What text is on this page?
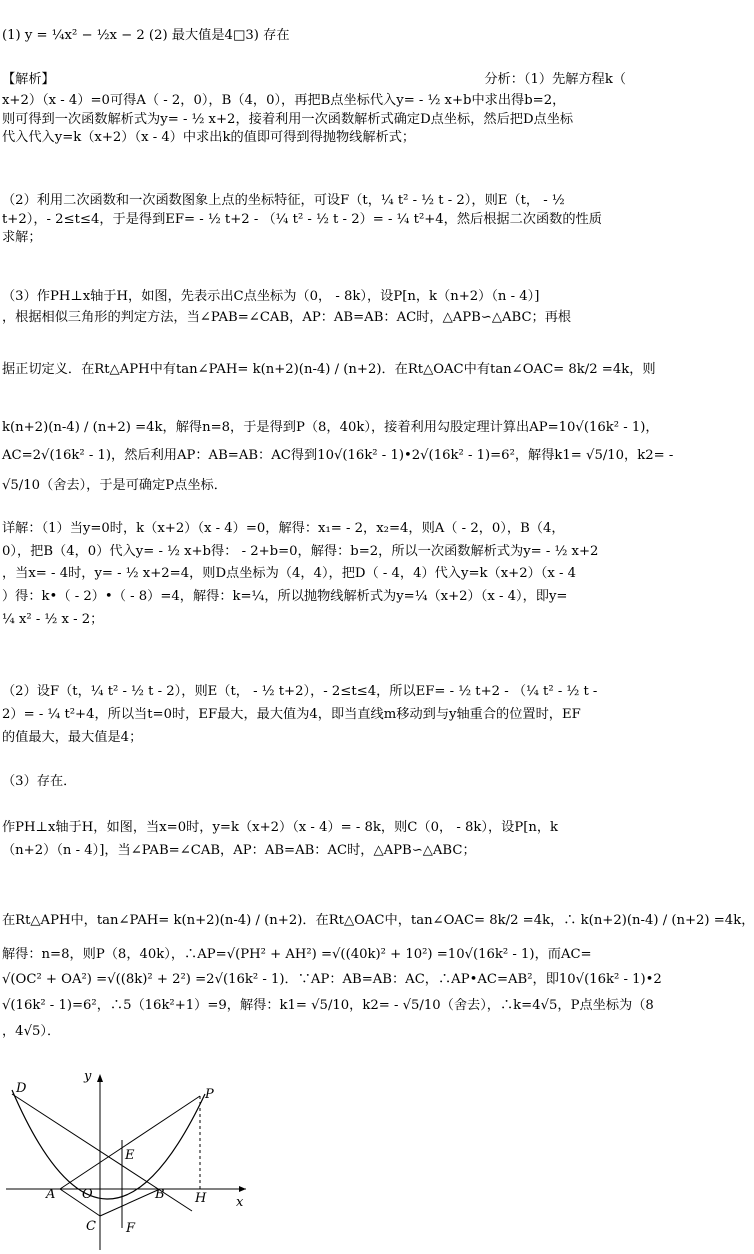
(1) y = ¼x² − ½x − 2 (2) 最大值是4□3) 存在
【解析】	分析：（1）先解方程k（
x+2）（x - 4）=0可得A（ - 2，0），B（4，0），再把B点坐标代入y= - ½ x+b中求出得b=2，
则可得到一次函数解析式为y= - ½ x+2，接着利用一次函数解析式确定D点坐标，然后把D点坐标
代入代入y=k（x+2）（x - 4）中求出k的值即可得到得抛物线解析式；
（2）利用二次函数和一次函数图象上点的坐标特征，可设F（t，¼ t² - ½ t - 2），则E（t， - ½
t+2），- 2≤t≤4，于是得到EF= - ½ t+2 - （¼ t² - ½ t - 2）= - ¼ t²+4，然后根据二次函数的性质
求解；
（3）作PH⊥x轴于H，如图，先表示出C点坐标为（0， - 8k），设P[n，k（n+2）（n - 4）]
，根据相似三角形的判定方法，当∠PAB=∠CAB，AP：AB=AB：AC时，△APB∽△ABC；再根
据正切定义．在Rt△APH中有tan∠PAH= k(n+2)(n-4) / (n+2)．在Rt△OAC中有tan∠OAC= 8k/2 =4k，则
k(n+2)(n-4) / (n+2) =4k，解得n=8，于是得到P（8，40k），接着利用勾股定理计算出AP=10√(16k² - 1)，
AC=2√(16k² - 1)，然后利用AP：AB=AB：AC得到10√(16k² - 1)•2√(16k² - 1)=6²，解得k1= √5/10，k2= -
√5/10（舍去），于是可确定P点坐标．
详解：（1）当y=0时，k（x+2）（x - 4）=0，解得：x₁= - 2，x₂=4，则A（ - 2，0），B（4，
0），把B（4，0）代入y= - ½ x+b得： - 2+b=0，解得：b=2，所以一次函数解析式为y= - ½ x+2
，当x= - 4时，y= - ½ x+2=4，则D点坐标为（4，4），把D（ - 4，4）代入y=k（x+2）（x - 4
）得：k•（ - 2）•（ - 8）=4，解得：k=¼，所以抛物线解析式为y=¼（x+2）（x - 4），即y=
¼ x² - ½ x - 2；
（2）设F（t，¼ t² - ½ t - 2），则E（t， - ½ t+2），- 2≤t≤4，所以EF= - ½ t+2 - （¼ t² - ½ t -
2）= - ¼ t²+4，所以当t=0时，EF最大，最大值为4，即当直线m移动到与y轴重合的位置时，EF
的值最大，最大值是4；
（3）存在．
作PH⊥x轴于H，如图，当x=0时，y=k（x+2）（x - 4）= - 8k，则C（0， - 8k），设P[n，k
（n+2）（n - 4）]，当∠PAB=∠CAB，AP：AB=AB：AC时，△APB∽△ABC；
在Rt△APH中，tan∠PAH= k(n+2)(n-4) / (n+2)．在Rt△OAC中，tan∠OAC= 8k/2 =4k，∴ k(n+2)(n-4) / (n+2) =4k，
解得：n=8，则P（8，40k），∴AP=√(PH² + AH²) =√((40k)² + 10²) =10√(16k² - 1)，而AC=
√(OC² + OA²) =√((8k)² + 2²) =2√(16k² - 1)．∵AP：AB=AB：AC，∴AP•AC=AB²，即10√(16k² - 1)•2
√(16k² - 1)=6²，∴5（16k²+1）=9，解得：k1= √5/10，k2= - √5/10（舍去），∴k=4√5，P点坐标为（8
，4√5）．
D
y
P
E
A O	B H x
C F
